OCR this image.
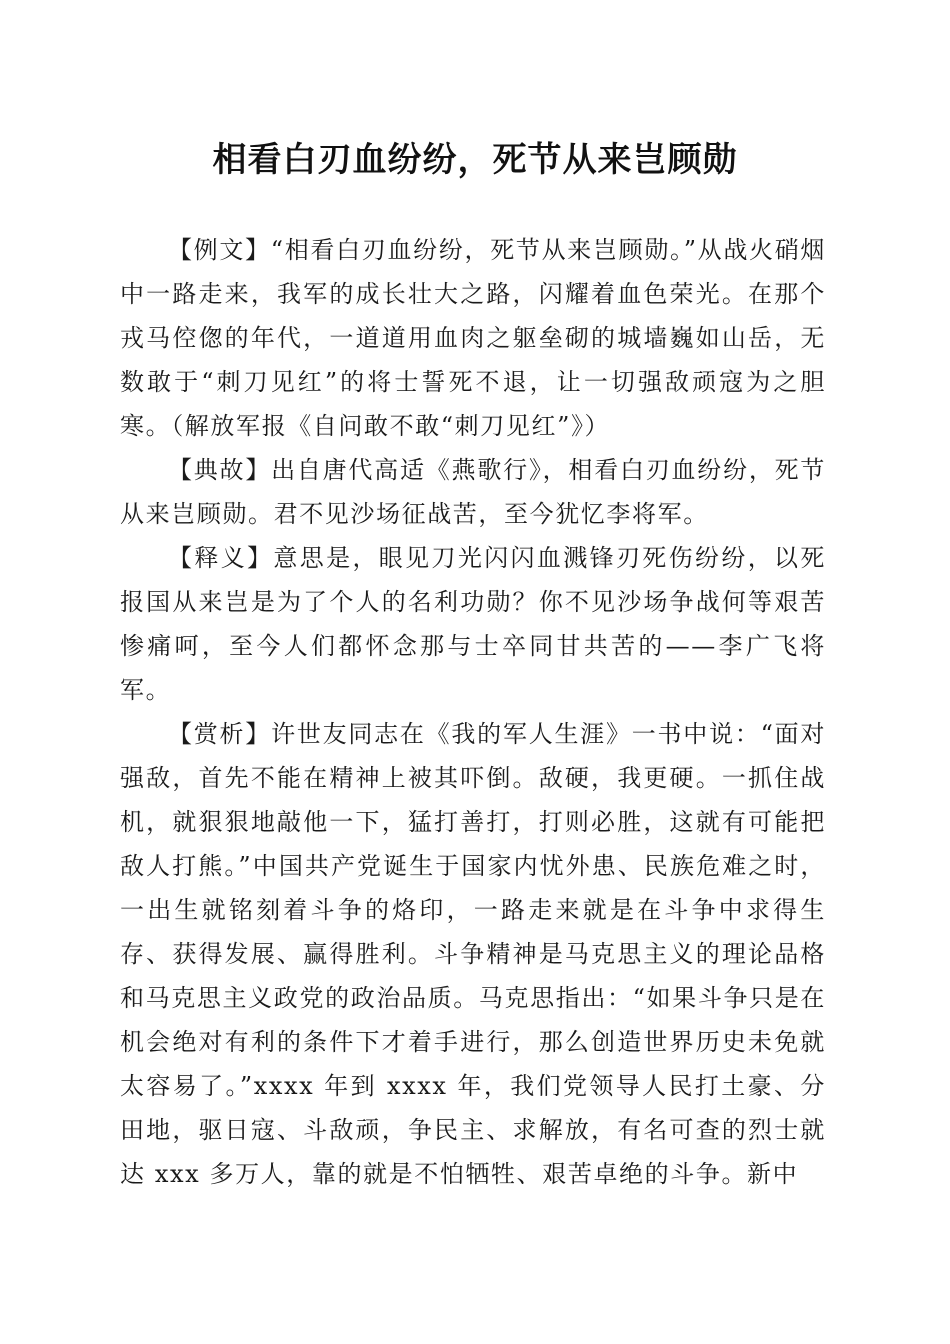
相看白刃血纷纷，死节从来岂顾勋

【例文】“相看白刃血纷纷，死节从来岂顾勋。”从战火硝烟中一路走来，我军的成长壮大之路，闪耀着血色荣光。在那个戎马倥偬的年代，一道道用血肉之躯垒砌的城墙巍如山岳，无数敢于“刺刀见红”的将士誓死不退，让一切强敌顽寇为之胆寒。（解放军报《自问敢不敢“刺刀见红”》）

【典故】出自唐代高适《燕歌行》，相看白刃血纷纷，死节从来岂顾勋。君不见沙场征战苦，至今犹忆李将军。

【释义】意思是，眼见刀光闪闪血溅锋刃死伤纷纷，以死报国从来岂是为了个人的名利功勋？你不见沙场争战何等艰苦惨痛呵，至今人们都怀念那与士卒同甘共苦的——李广飞将军。

【赏析】许世友同志在《我的军人生涯》一书中说：“面对强敌，首先不能在精神上被其吓倒。敌硬，我更硬。一抓住战机，就狠狠地敲他一下，猛打善打，打则必胜，这就有可能把敌人打熊。”中国共产党诞生于国家内忧外患、民族危难之时，一出生就铭刻着斗争的烙印，一路走来就是在斗争中求得生存、获得发展、赢得胜利。斗争精神是马克思主义的理论品格和马克思主义政党的政治品质。马克思指出：“如果斗争只是在机会绝对有利的条件下才着手进行，那么创造世界历史未免就太容易了。”xxxx 年到 xxxx 年，我们党领导人民打土豪、分田地，驱日寇、斗敌顽，争民主、求解放，有名可查的烈士就达 xxx 多万人，靠的就是不怕牺牲、艰苦卓绝的斗争。新中
